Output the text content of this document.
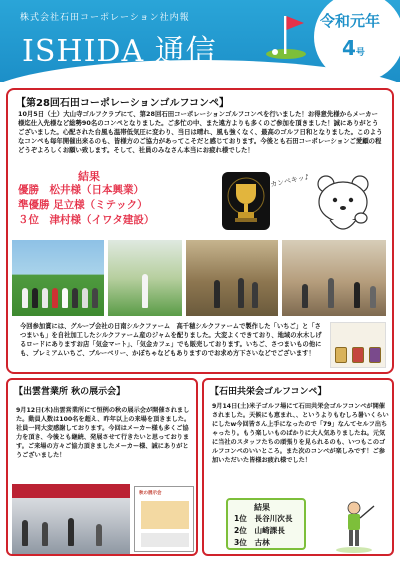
株式会社石田コーポレーション社内報
ISHIDA 通信
令和元年
4号
【第28回石田コーポレーションゴルフコンペ】
10月5日（土）大山寺ゴルフクラブにて、第28回石田コーポレーションゴルフコンペを行いました！お得意先様からメーカー様迄仕入先様など総勢90名のコンペとなりました。ご多忙の中、また遠方よりも多くのご参加を頂きました！誠にありがとうございました。心配された台風も温帯低気圧に変わり、当日は晴れ、風も強くなく、最高のゴルフ日和となりました。このようなコンペも毎年開催出来るのも、皆様方のご協力があってこそだと感じております。今後とも石田コーポレーションご愛顧の程どうぞよろしくお願い致します。そして、社員のみなさん本当にお疲れ様でした！
結果
優勝　松井様（日本興業）
準優勝 足立様（ミテック）
３位　津村様（イワタ建設）
カンペキッ♪
今回参加賞には、グループ会社の日南シルクファーム　高千穂シルクファームで製作した「いちご」と「さつまいも」を自社加工したシルクファーム産のジャムを配りました。大変よくできており、地域の水木しげるロードにありますお店「気金マート」、「気金カフェ」でも販売しております。いちご、さつまいもの他にも、プレミアムいちご、ブルーベリー、かぼちゃなどもありますのでお求め方下さいなどでございます！
【出雲営業所 秋の展示会】
9月12日(木)出雲営業所にて恒例の秋の展示会が開催されました。動員人数は100名を超え、昨年以上の来場を頂きました。社員一同大変感謝しております。今回はメーカー様も多くご協力を頂き、今後とも継続、発展させて行きたいと思っております。ご来場の方々ご協力頂きましたメーカー様、誠にありがとうございました！
秋の展示会
【石田共栄会ゴルフコンペ】
9月14日(土)米子ゴルフ場にて石田共栄会ゴルフコンペが開催されました。天候にも恵まれ、、というよりもむしろ暑いくらいにしたw今回皆さん上手になったので「79」なんてセルフ出ちゃったり。もう楽しいものばかりに大人気ありましたね。元気に当社のスタッフたちの頑張りを見られるのも、いつもこのゴルフコンペのいいところ。また次のコンペが楽しみです！ご参加いただいた皆様お疲れ様でした！
結果
1位　長谷川次長
2位　山崎課長
3位　古林
